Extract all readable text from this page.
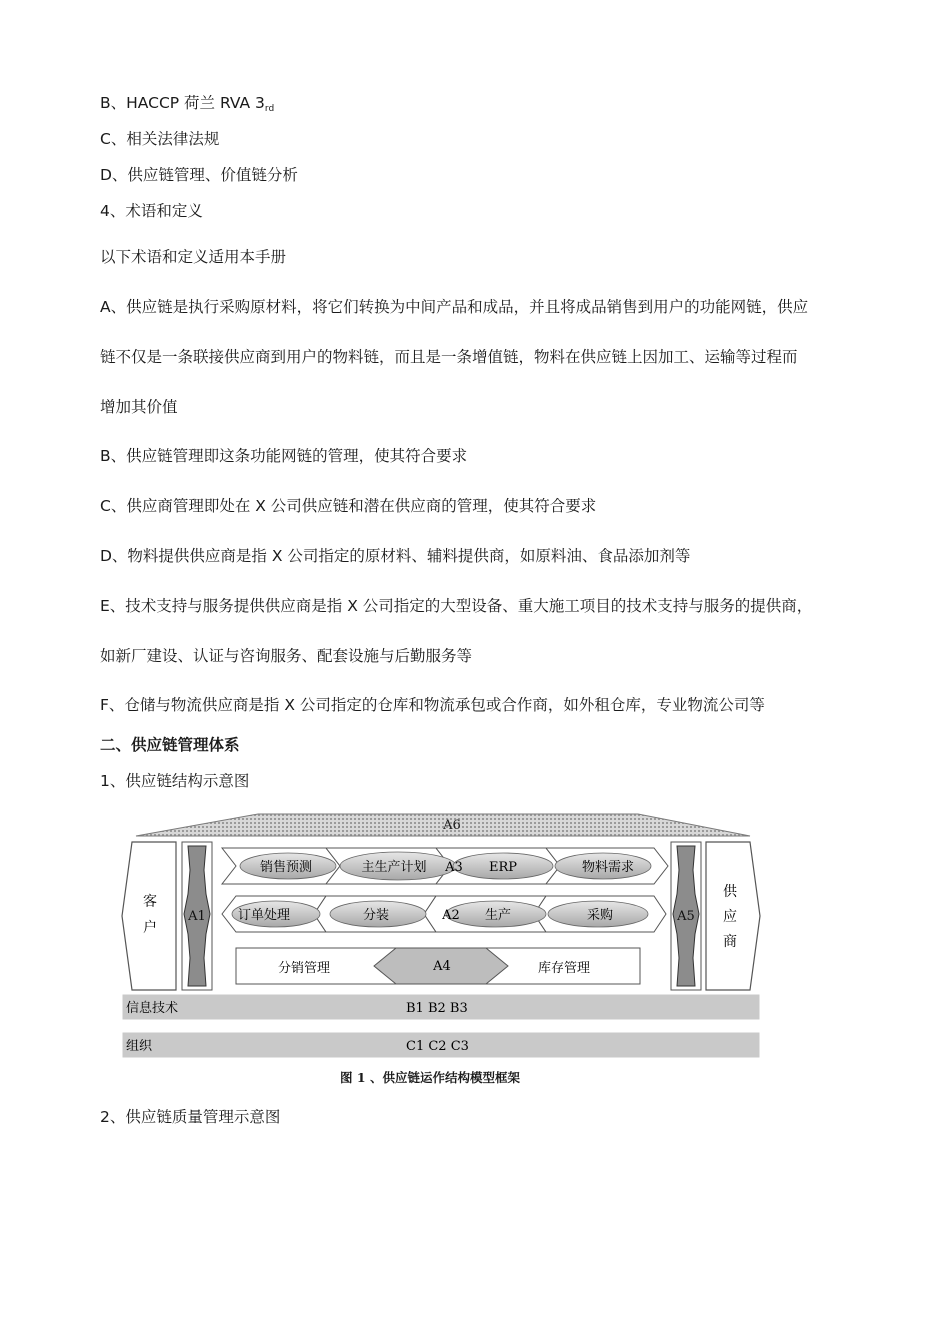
B、HACCP 荷兰 RVA $3_{rd}$
C、相关法律法规
D、供应链管理、价值链分析
4、术语和定义
以下术语和定义适用本手册
A、供应链是执行采购原材料，将它们转换为中间产品和成品，并且将成品销售到用户的功能网链，供应
链不仅是一条联接供应商到用户的物料链，而且是一条增值链，物料在供应链上因加工、运输等过程而
增加其价值
B、供应链管理即这条功能网链的管理，使其符合要求
C、供应商管理即处在 X 公司供应链和潜在供应商的管理，使其符合要求
D、物料提供供应商是指 X 公司指定的原材料、辅料提供商，如原料油、食品添加剂等
E、技术支持与服务提供供应商是指 X 公司指定的大型设备、重大施工项目的技术支持与服务的提供商，
如新厂建设、认证与咨询服务、配套设施与后勤服务等
F、仓储与物流供应商是指 X 公司指定的仓库和物流承包或合作商，如外租仓库，专业物流公司等
二、供应链管理体系
1、供应链结构示意图
A6
客
户
A1	A5
供
应
商
销售预测	主生产计划 A3 ERP	物料需求
订单处理	分装	A2 生产	采购
分销管理	A4	库存管理
信息技术	B1 B2 B3
组织	C1 C2 C3
图 1 、供应链运作结构模型框架
2、供应链质量管理示意图
